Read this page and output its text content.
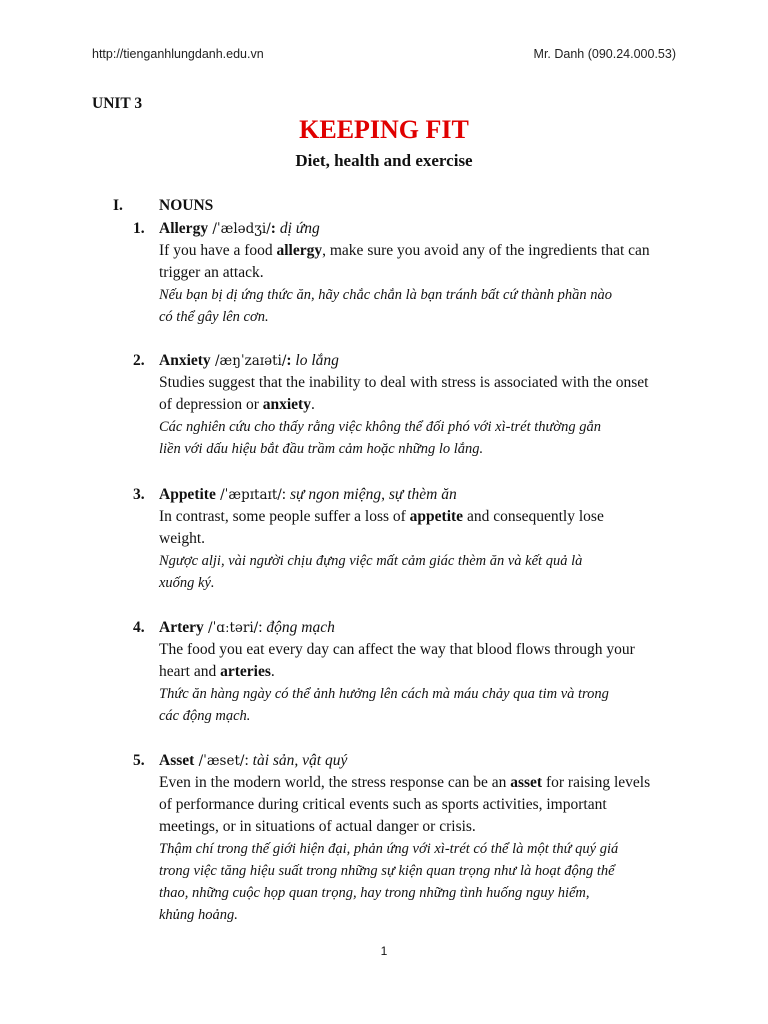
http://tienganhlungdanh.edu.vn	Mr. Danh (090.24.000.53)
UNIT 3
KEEPING FIT
Diet, health and exercise
I. NOUNS
1. Allergy /ˈælədʒi/: dị ứng

If you have a food allergy, make sure you avoid any of the ingredients that can

trigger an attack.

Nếu bạn bị dị ứng thức ăn, hãy chắc chắn là bạn tránh bất cứ thành phần nào

có thể gây lên cơn.

2. Anxiety /æŋˈzaɪəti/: lo lắng

Studies suggest that the inability to deal with stress is associated with the onset

of depression or anxiety.

Các nghiên cứu cho thấy rằng việc không thể đối phó với xì-trét thường gắn

liền với dấu hiệu bắt đầu trầm cảm hoặc những lo lắng.

3. Appetite /ˈæpɪtaɪt/: sự ngon miệng, sự thèm ăn

In contrast, some people suffer a loss of appetite and consequently lose

weight.

Ngược alji, vài người chịu đựng việc mất cảm giác thèm ăn và kết quả là

xuống ký.

4. Artery /ˈɑːtəri/: động mạch

The food you eat every day can affect the way that blood flows through your

heart and arteries.

Thức ăn hàng ngày có thể ảnh hưởng lên cách mà máu chảy qua tim và trong

các động mạch.

5. Asset /ˈæset/: tài sản, vật quý

Even in the modern world, the stress response can be an asset for raising levels

of performance during critical events such as sports activities, important

meetings, or in situations of actual danger or crisis.

Thậm chí trong thế giới hiện đại, phản ứng với xì-trét có thể là một thứ quý giá

trong việc tăng hiệu suất trong những sự kiện quan trọng như là hoạt động thể

thao, những cuộc họp quan trọng, hay trong những tình huống nguy hiểm,

khủng hoảng.

1
